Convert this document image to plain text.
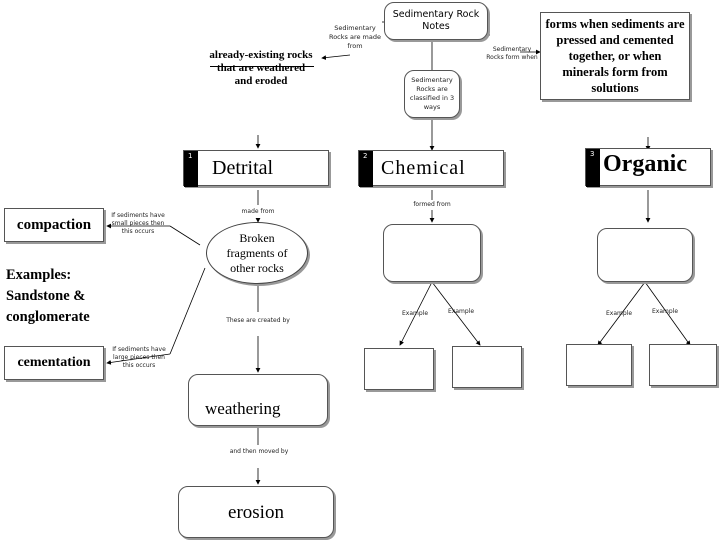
Sedimentary Rock
Notes
Sedimentary Rocks are made from
already-existing rocks that are weathered and eroded	Sedimentary Rocks are classified in 3 ways
Sedimentary Rocks form when
forms when sediments are pressed and cemented together, or when minerals form from solutions
1
Detrital
2
Chemical
3 Organic
made from
Broken fragments of other rocks
These are created by
weathering
and then moved by
erosion
compaction
If sediments have small pieces then this occurs
Examples: Sandstone & conglomerate
cementation
If sediments have large pieces then this occurs
formed from
Example	Example	Example	Example
